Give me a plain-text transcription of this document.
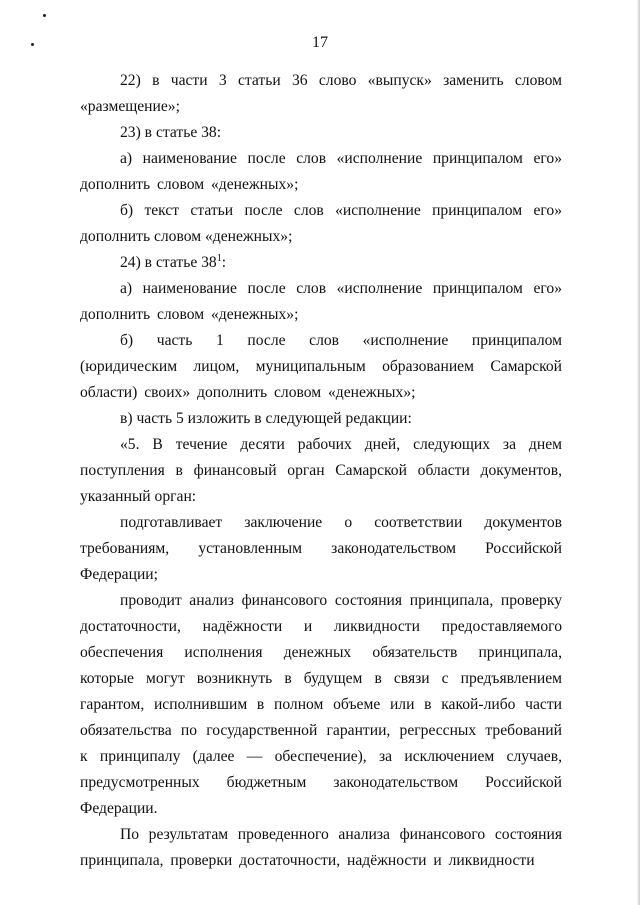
17

22) в части 3 статьи 36 слово «выпуск» заменить словом «размещение»;

23) в статье 38:

а) наименование после слов «исполнение принципалом его» дополнить словом «денежных»;

б) текст статьи после слов «исполнение принципалом его» дополнить словом «денежных»;

24) в статье $38^1$:

а) наименование после слов «исполнение принципалом его» дополнить словом «денежных»;

б) часть 1 после слов «исполнение принципалом (юридическим лицом, муниципальным образованием Самарской области) своих» дополнить словом «денежных»;

в) часть 5 изложить в следующей редакции:

«5. В течение десяти рабочих дней, следующих за днем поступления в финансовый орган Самарской области документов, указанный орган:

подготавливает заключение о соответствии документов требованиям, установленным законодательством Российской Федерации;

проводит анализ финансового состояния принципала, проверку достаточности, надёжности и ликвидности предоставляемого обеспечения исполнения денежных обязательств принципала, которые могут возникнуть в будущем в связи с предъявлением гарантом, исполнившим в полном объеме или в какой-либо части обязательства по государственной гарантии, регрессных требований к принципалу (далее — обеспечение), за исключением случаев, предусмотренных бюджетным законодательством Российской Федерации.

По результатам проведенного анализа финансового состояния принципала, проверки достаточности, надёжности и ликвидности
